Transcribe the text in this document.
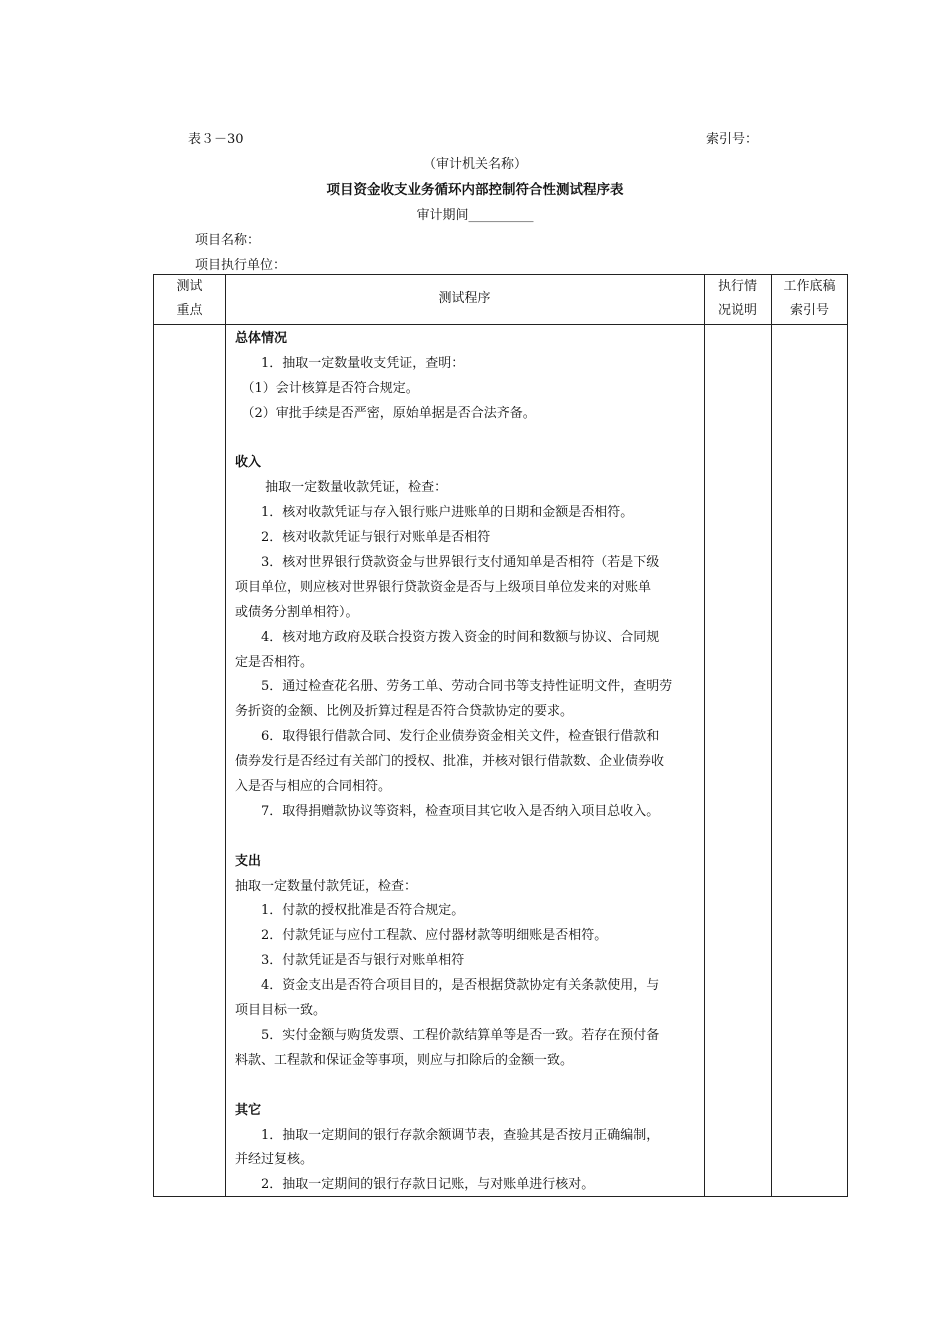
表３－30	索引号：
（审计机关名称）
项目资金收支业务循环内部控制符合性测试程序表
审计期间__________
项目名称：
项目执行单位：
测试
重点
测试程序
执行情
况说明
工作底稿
索引号
总体情况
　　1．抽取一定数量收支凭证，查明：
　（1）会计核算是否符合规定。
　（2）审批手续是否严密，原始单据是否合法齐备。
收入
　　 抽取一定数量收款凭证，检查：
　　1．核对收款凭证与存入银行账户进账单的日期和金额是否相符。
　　2．核对收款凭证与银行对账单是否相符
　　3．核对世界银行贷款资金与世界银行支付通知单是否相符（若是下级
项目单位，则应核对世界银行贷款资金是否与上级项目单位发来的对账单
或债务分割单相符）。
　　4．核对地方政府及联合投资方拨入资金的时间和数额与协议、合同规
定是否相符。
　　5．通过检查花名册、劳务工单、劳动合同书等支持性证明文件，查明劳
务折资的金额、比例及折算过程是否符合贷款协定的要求。
　　6．取得银行借款合同、发行企业债券资金相关文件，检查银行借款和
债券发行是否经过有关部门的授权、批准，并核对银行借款数、企业债券收
入是否与相应的合同相符。
　　7．取得捐赠款协议等资料，检查项目其它收入是否纳入项目总收入。
支出
抽取一定数量付款凭证，检查：
　　1．付款的授权批准是否符合规定。
　　2．付款凭证与应付工程款、应付器材款等明细账是否相符。
　　3．付款凭证是否与银行对账单相符
　　4．资金支出是否符合项目目的，是否根据贷款协定有关条款使用，与
项目目标一致。
　　5．实付金额与购货发票、工程价款结算单等是否一致。若存在预付备
料款、工程款和保证金等事项，则应与扣除后的金额一致。
其它
　　1．抽取一定期间的银行存款余额调节表，查验其是否按月正确编制，
并经过复核。
　　2．抽取一定期间的银行存款日记账，与对账单进行核对。
